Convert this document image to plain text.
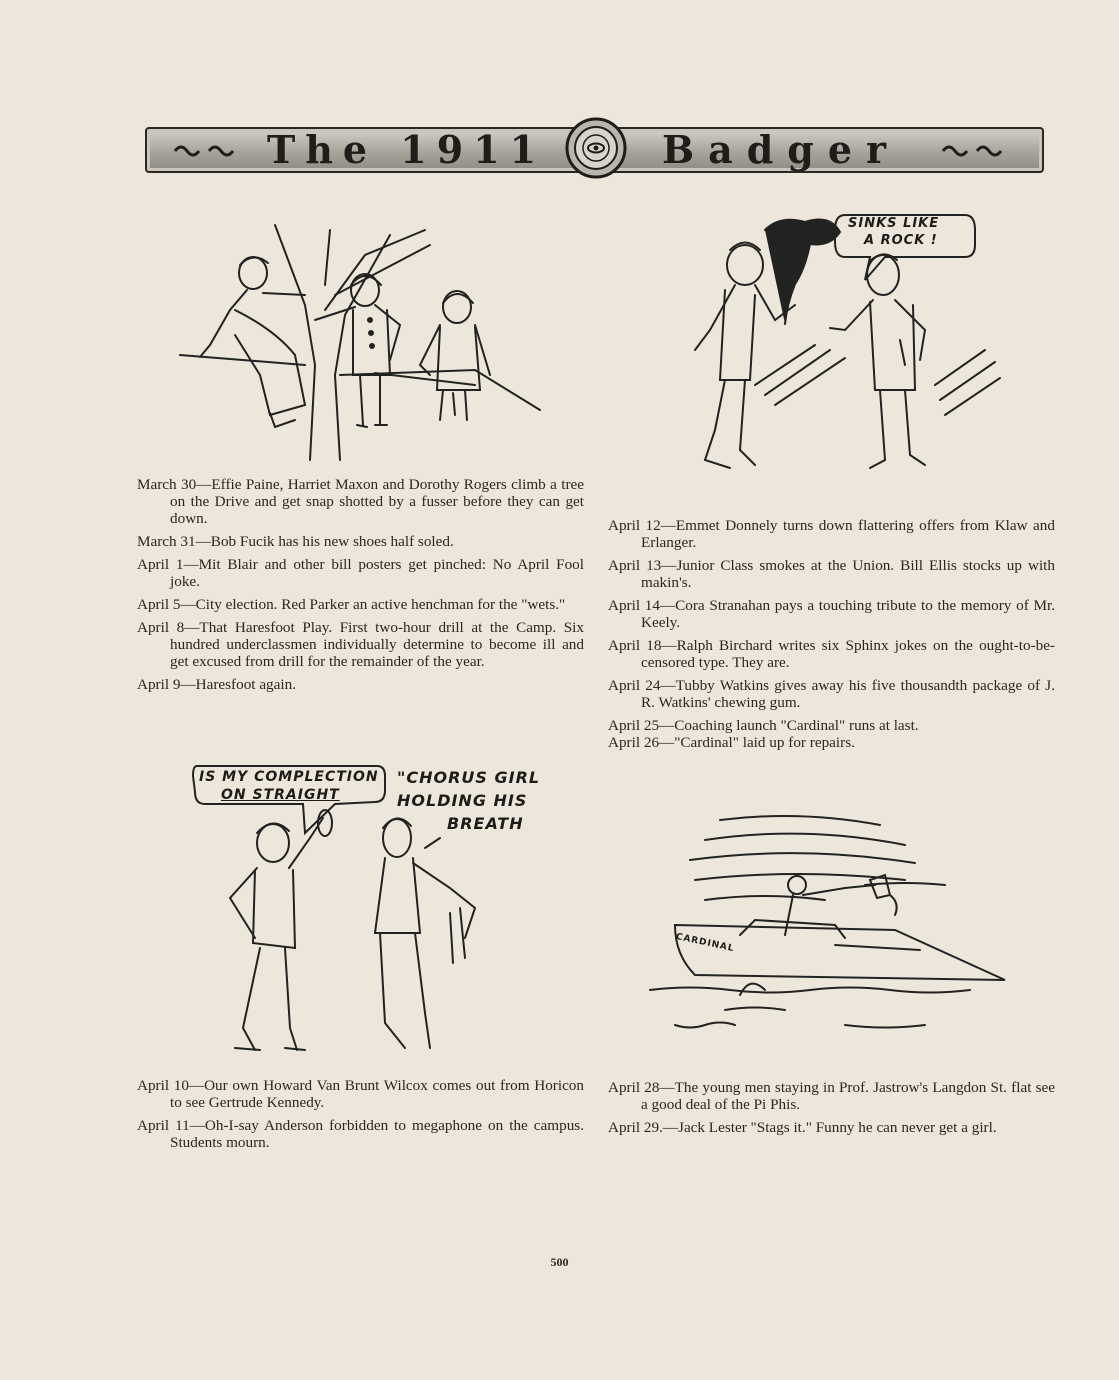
The 1911	Badger
SINKS LIKE
A ROCK !

March 30—Effie Paine, Harriet Maxon and Dorothy Rogers climb a tree on the Drive and get snap shotted by a fusser before they can get down.

March 31—Bob Fucik has his new shoes half soled.

April 1—Mit Blair and other bill posters get pinched: No April Fool joke.

April 5—City election. Red Parker an active henchman for the "wets."

April 8—That Haresfoot Play. First two-hour drill at the Camp. Six hundred underclassmen individually determine to become ill and get excused from drill for the remainder of the year.

April 9—Haresfoot again.

April 12—Emmet Donnely turns down flattering offers from Klaw and Erlanger.

April 13—Junior Class smokes at the Union. Bill Ellis stocks up with makin's.

April 14—Cora Stranahan pays a touching tribute to the memory of Mr. Keely.

April 18—Ralph Birchard writes six Sphinx jokes on the ought-to-be-censored type. They are.

April 24—Tubby Watkins gives away his five thousandth package of J. R. Watkins' chewing gum.

April 25—Coaching launch "Cardinal" runs at last.

April 26—"Cardinal" laid up for repairs.

IS MY COMPLECTION
ON STRAIGHT
"CHORUS GIRL
HOLDING HIS
BREATH
CARDINAL

April 10—Our own Howard Van Brunt Wilcox comes out from Horicon to see Gertrude Kennedy.

April 11—Oh-I-say Anderson forbidden to megaphone on the campus. Students mourn.

April 28—The young men staying in Prof. Jastrow's Langdon St. flat see a good deal of the Pi Phis.

April 29.—Jack Lester "Stags it." Funny he can never get a girl.

500
